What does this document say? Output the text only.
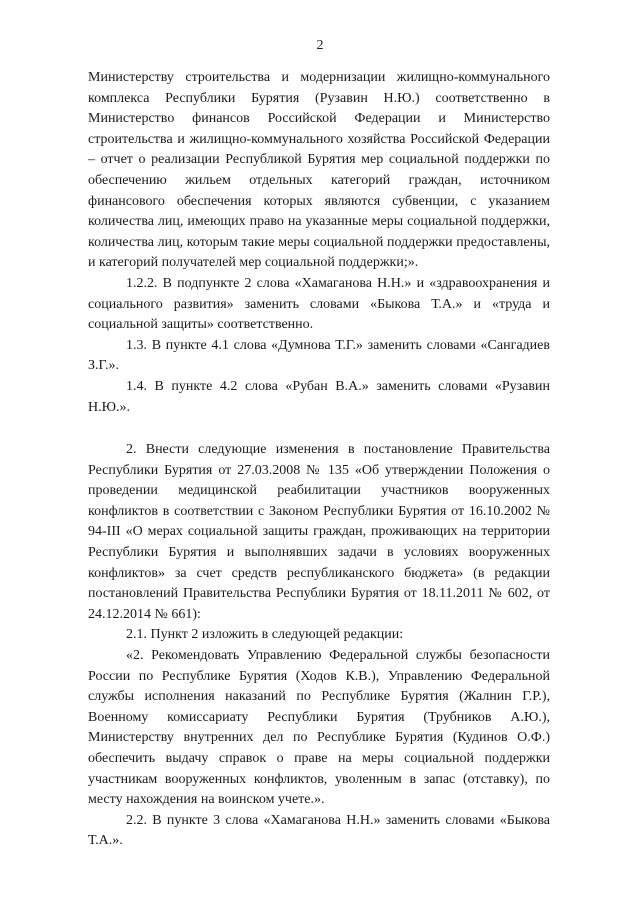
2

Министерству строительства и модернизации жилищно-коммунального комплекса Республики Бурятия (Рузавин Н.Ю.) соответственно в Министерство финансов Российской Федерации и Министерство строительства и жилищно-коммунального хозяйства Российской Федерации – отчет о реализации Республикой Бурятия мер социальной поддержки по обеспечению жильем отдельных категорий граждан, источником финансового обеспечения которых являются субвенции, с указанием количества лиц, имеющих право на указанные меры социальной поддержки, количества лиц, которым такие меры социальной поддержки предоставлены, и категорий получателей мер социальной поддержки;».

1.2.2. В подпункте 2 слова «Хамаганова Н.Н.» и «здравоохранения и социального развития» заменить словами «Быкова Т.А.» и «труда и социальной защиты» соответственно.

1.3. В пункте 4.1 слова «Думнова Т.Г.» заменить словами «Сангадиев З.Г.».

1.4. В пункте 4.2 слова «Рубан В.А.» заменить словами «Рузавин Н.Ю.».

2. Внести следующие изменения в постановление Правительства Республики Бурятия от 27.03.2008 № 135 «Об утверждении Положения о проведении медицинской реабилитации участников вооруженных конфликтов в соответствии с Законом Республики Бурятия от 16.10.2002 № 94-III «О мерах социальной защиты граждан, проживающих на территории Республики Бурятия и выполнявших задачи в условиях вооруженных конфликтов» за счет средств республиканского бюджета» (в редакции постановлений Правительства Республики Бурятия от 18.11.2011 № 602, от 24.12.2014 № 661):

2.1. Пункт 2 изложить в следующей редакции:

«2. Рекомендовать Управлению Федеральной службы безопасности России по Республике Бурятия (Ходов К.В.), Управлению Федеральной службы исполнения наказаний по Республике Бурятия (Жалнин Г.Р.), Военному комиссариату Республики Бурятия (Трубников А.Ю.), Министерству внутренних дел по Республике Бурятия (Кудинов О.Ф.) обеспечить выдачу справок о праве на меры социальной поддержки участникам вооруженных конфликтов, уволенным в запас (отставку), по месту нахождения на воинском учете.».

2.2. В пункте 3 слова «Хамаганова Н.Н.» заменить словами «Быкова Т.А.».
